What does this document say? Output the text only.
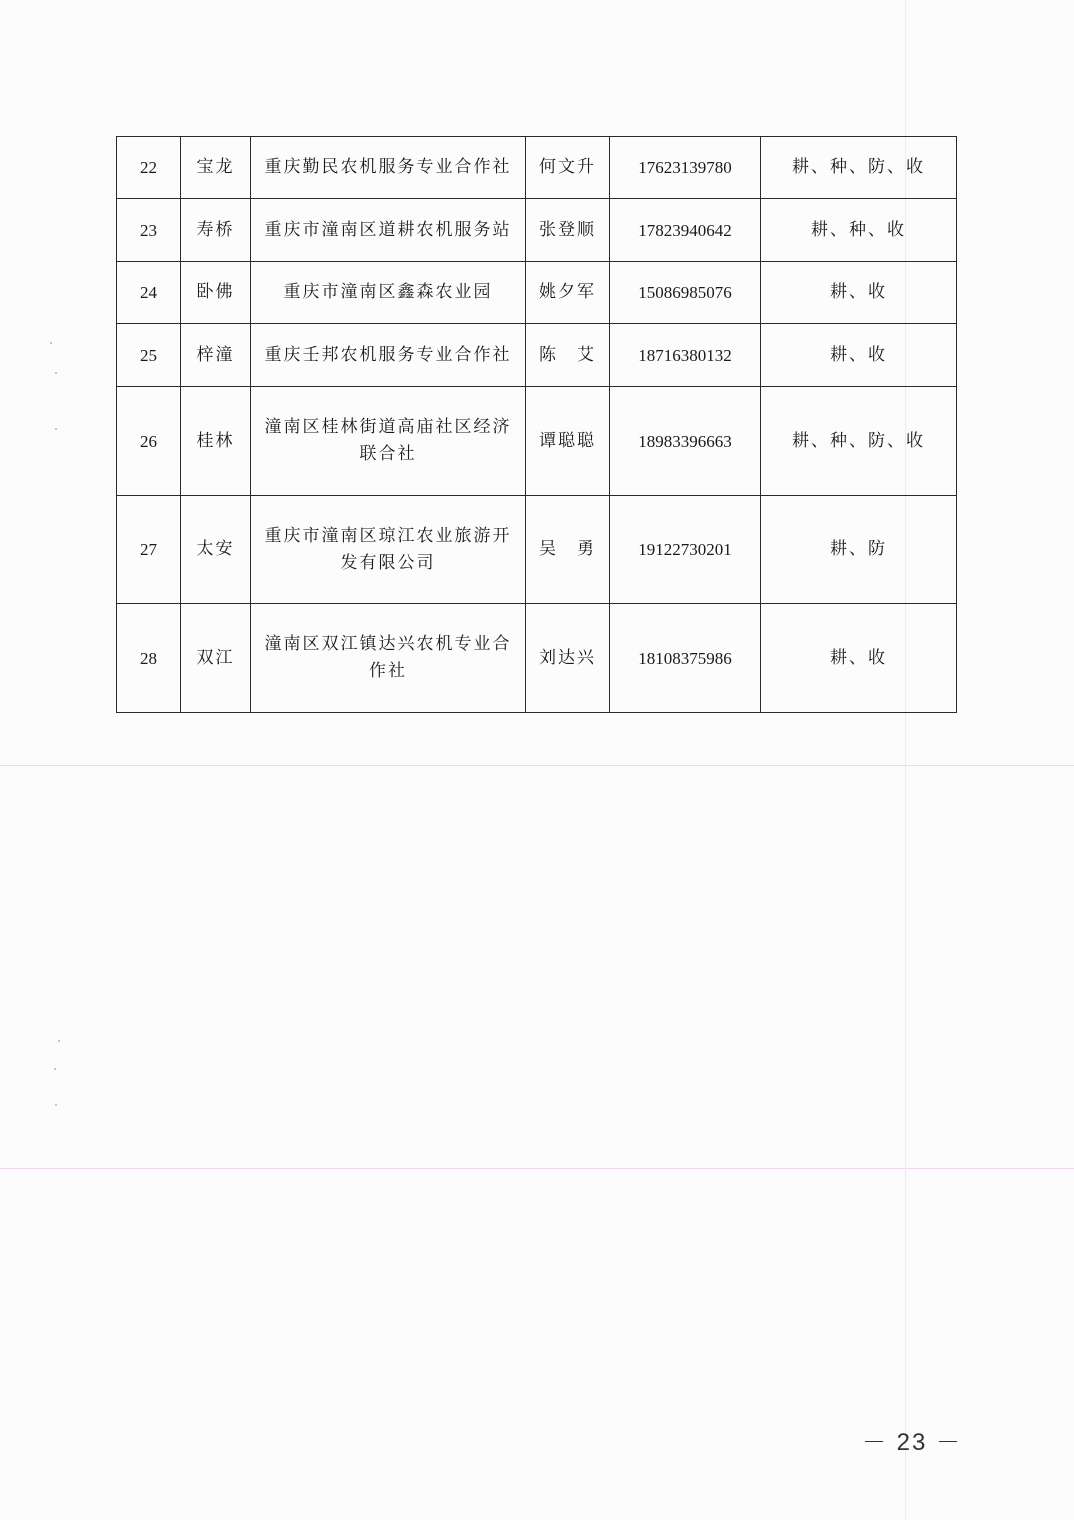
22	宝龙	重庆勤民农机服务专业合作社	何文升	17623139780	耕、种、防、收
23	寿桥	重庆市潼南区道耕农机服务站	张登顺	17823940642	耕、种、收
24	卧佛	重庆市潼南区鑫森农业园	姚夕军	15086985076	耕、收
25	梓潼	重庆壬邦农机服务专业合作社	陈　艾	18716380132	耕、收
26	桂林	潼南区桂林街道高庙社区经济联合社	谭聪聪	18983396663	耕、种、防、收
27	太安	重庆市潼南区琼江农业旅游开发有限公司	吴　勇	19122730201	耕、防
28	双江	潼南区双江镇达兴农机专业合作社	刘达兴	18108375986	耕、收
－ 23 －
